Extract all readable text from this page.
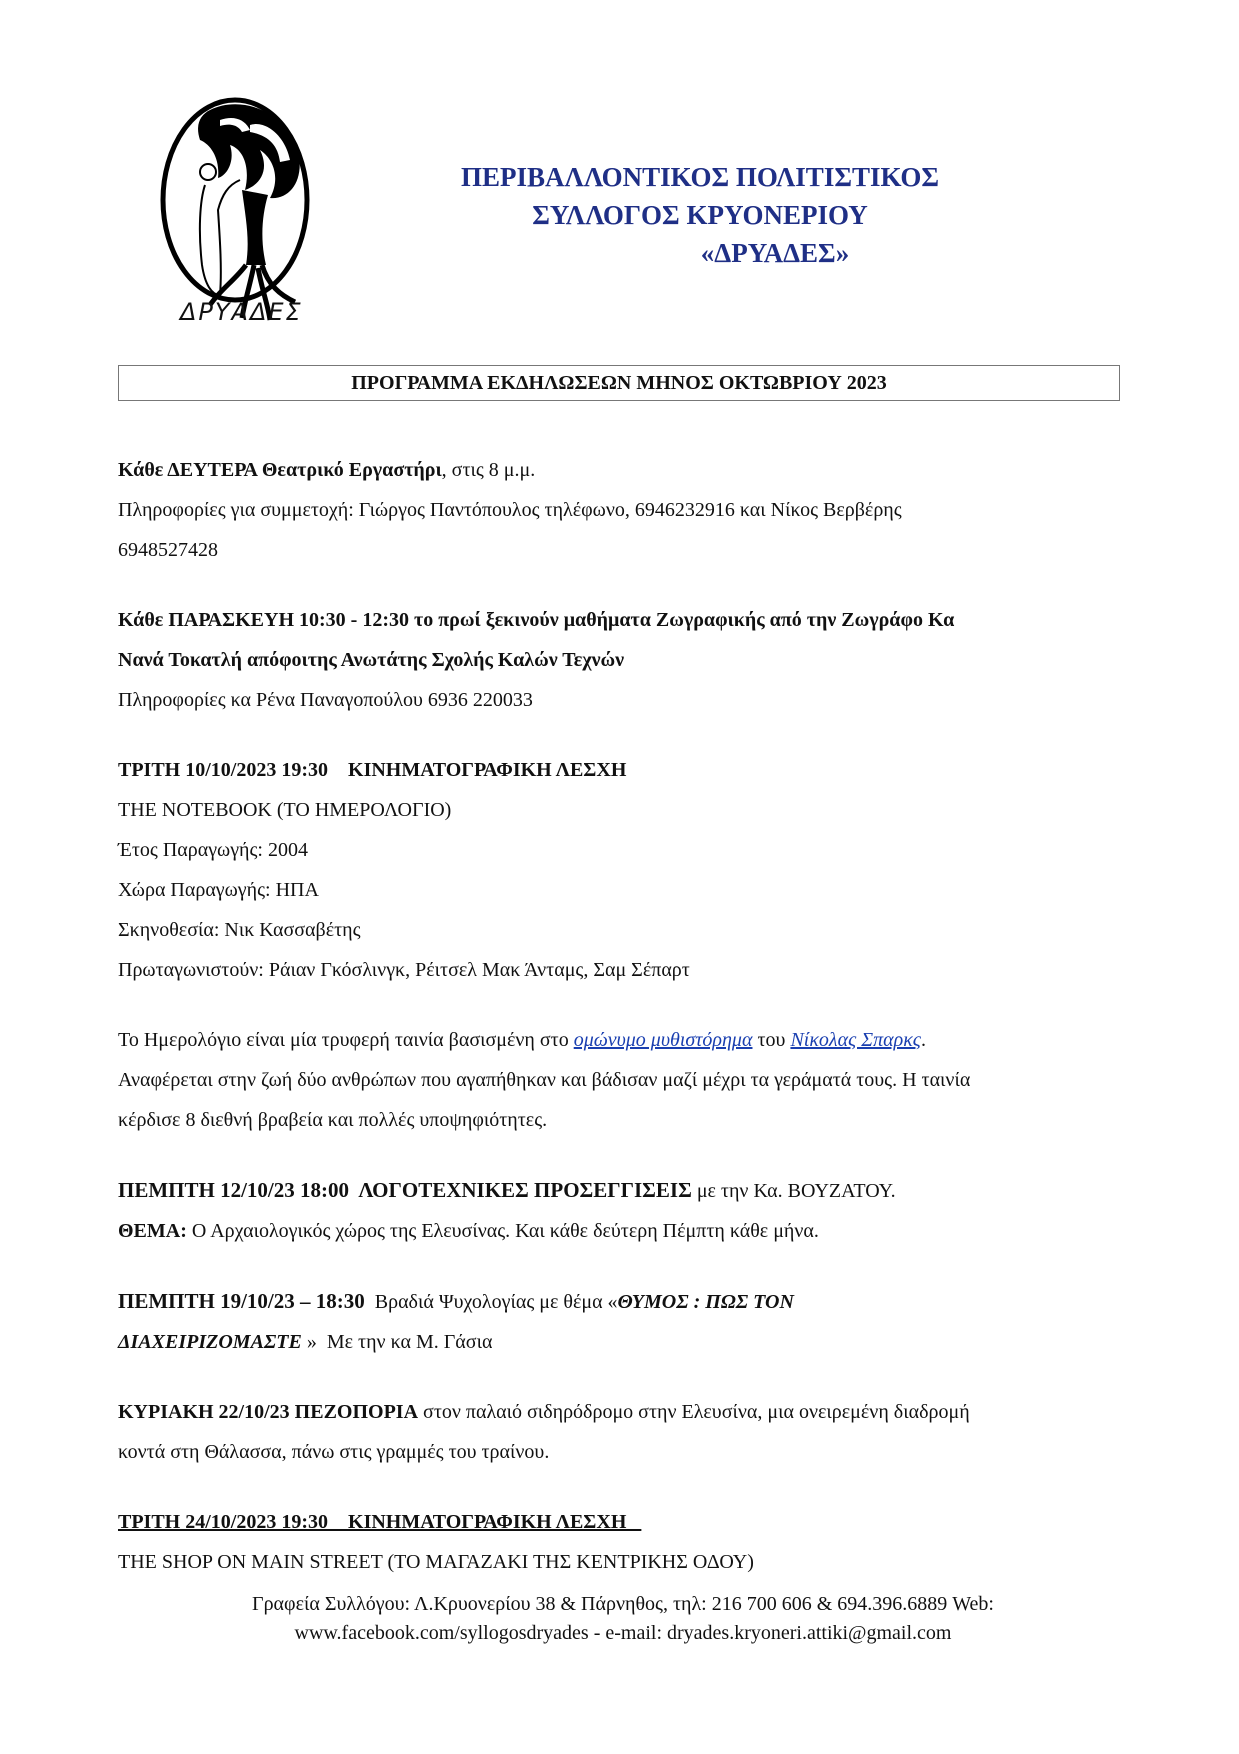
ΔΡΥΑΔΕΣ
ΠΕΡΙΒΑΛΛΟΝΤΙΚΟΣ ΠΟΛΙΤΙΣΤΙΚΟΣ
ΣΥΛΛΟΓΟΣ ΚΡΥΟΝΕΡΙΟΥ
«ΔΡΥΑΔΕΣ»
ΠΡΟΓΡΑΜΜΑ ΕΚΔΗΛΩΣΕΩΝ ΜΗΝΟΣ ΟΚΤΩΒΡΙΟΥ 2023

Κάθε ΔΕΥΤΕΡΑ Θεατρικό Εργαστήρι, στις 8 μ.μ.

Πληροφορίες για συμμετοχή: Γιώργος Παντόπουλος τηλέφωνο, 6946232916 και Νίκος Βερβέρης

6948527428

Κάθε ΠΑΡΑΣΚΕΥΗ 10:30 - 12:30 το πρωί ξεκινούν μαθήματα Ζωγραφικής από την Ζωγράφο Κα

Νανά Τοκατλή απόφοιτης Ανωτάτης Σχολής Καλών Τεχνών

Πληροφορίες κα Ρένα Παναγοπούλου 6936 220033

ΤΡΙΤΗ 10/10/2023 19:30    ΚΙΝΗΜΑΤΟΓΡΑΦΙΚΗ ΛΕΣΧΗ

THE NOTEBOOK (ΤΟ ΗΜΕΡΟΛΟΓΙΟ)

Έτος Παραγωγής: 2004

Χώρα Παραγωγής: ΗΠΑ

Σκηνοθεσία: Νικ Κασσαβέτης

Πρωταγωνιστούν: Ράιαν Γκόσλινγκ, Ρέιτσελ Μακ Άνταμς, Σαμ Σέπαρτ

Το Ημερολόγιο είναι μία τρυφερή ταινία βασισμένη στο ομώνυμο μυθιστόρημα του Νίκολας Σπαρκς.

Αναφέρεται στην ζωή δύο ανθρώπων που αγαπήθηκαν και βάδισαν μαζί μέχρι τα γεράματά τους. Η ταινία

κέρδισε 8 διεθνή βραβεία και πολλές υποψηφιότητες.

ΠΕΜΠΤΗ 12/10/23 18:00  ΛΟΓΟΤΕΧΝΙΚΕΣ ΠΡΟΣΕΓΓΙΣΕΙΣ με την Κα. ΒΟΥΖΑΤΟΥ.

ΘΕΜΑ: Ο Αρχαιολογικός χώρος της Ελευσίνας. Και κάθε δεύτερη Πέμπτη κάθε μήνα.

ΠΕΜΠΤΗ 19/10/23 – 18:30  Βραδιά Ψυχολογίας με θέμα «ΘΥΜΟΣ : ΠΩΣ ΤΟΝ

ΔΙΑΧΕΙΡΙΖΟΜΑΣΤΕ »  Με την κα Μ. Γάσια

ΚΥΡΙΑΚΗ 22/10/23 ΠΕΖΟΠΟΡΙΑ στον παλαιό σιδηρόδρομο στην Ελευσίνα, μια ονειρεμένη διαδρομή

κοντά στη Θάλασσα, πάνω στις γραμμές του τραίνου.

ΤΡΙΤΗ 24/10/2023 19:30    ΚΙΝΗΜΑΤΟΓΡΑΦΙΚΗ ΛΕΣΧΗ

THE SHOP ON MAIN STREET (ΤΟ ΜΑΓΑΖΑΚΙ ΤΗΣ ΚΕΝΤΡΙΚΗΣ ΟΔΟΥ)

Γραφεία Συλλόγου: Λ.Κρυονερίου 38 & Πάρνηθος, τηλ: 216 700 606 & 694.396.6889 Web:
www.facebook.com/syllogosdryades - e-mail: dryades.kryoneri.attiki@gmail.com
